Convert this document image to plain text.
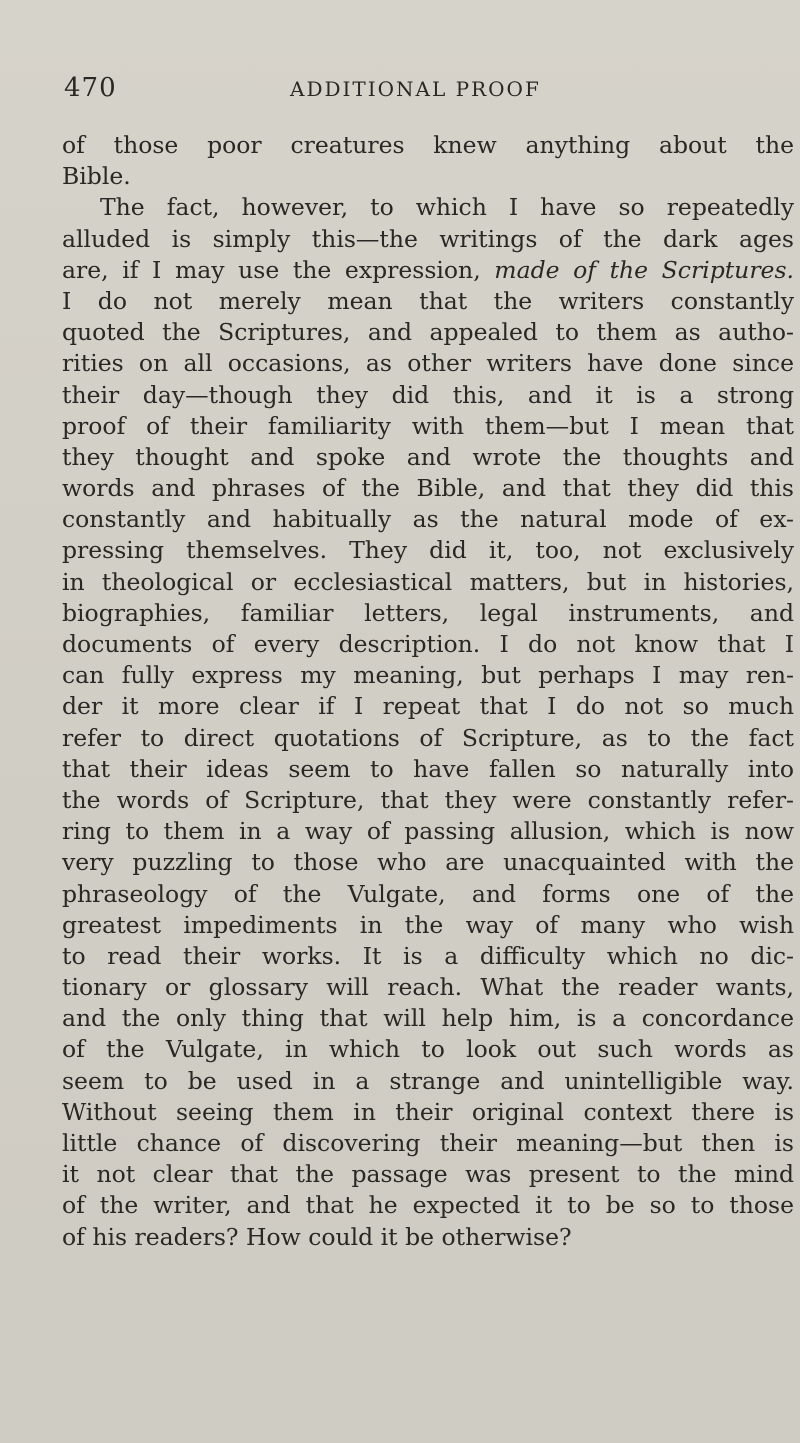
470	ADDITIONAL PROOF
of those poor creatures knew anything about the
Bible.
The fact, however, to which I have so repeatedly
alluded is simply this—the writings of the dark ages
are, if I may use the expression, made of the Scriptures.
I do not merely mean that the writers constantly
quoted the Scriptures, and appealed to them as autho-
rities on all occasions, as other writers have done since
their day—though they did this, and it is a strong
proof of their familiarity with them—but I mean that
they thought and spoke and wrote the thoughts and
words and phrases of the Bible, and that they did this
constantly and habitually as the natural mode of ex-
pressing themselves. They did it, too, not exclusively
in theological or ecclesiastical matters, but in histories,
biographies, familiar letters, legal instruments, and
documents of every description. I do not know that I
can fully express my meaning, but perhaps I may ren-
der it more clear if I repeat that I do not so much
refer to direct quotations of Scripture, as to the fact
that their ideas seem to have fallen so naturally into
the words of Scripture, that they were constantly refer-
ring to them in a way of passing allusion, which is now
very puzzling to those who are unacquainted with the
phraseology of the Vulgate, and forms one of the
greatest impediments in the way of many who wish
to read their works. It is a difficulty which no dic-
tionary or glossary will reach. What the reader wants,
and the only thing that will help him, is a concordance
of the Vulgate, in which to look out such words as
seem to be used in a strange and unintelligible way.
Without seeing them in their original context there is
little chance of discovering their meaning—but then is
it not clear that the passage was present to the mind
of the writer, and that he expected it to be so to those
of his readers? How could it be otherwise?
